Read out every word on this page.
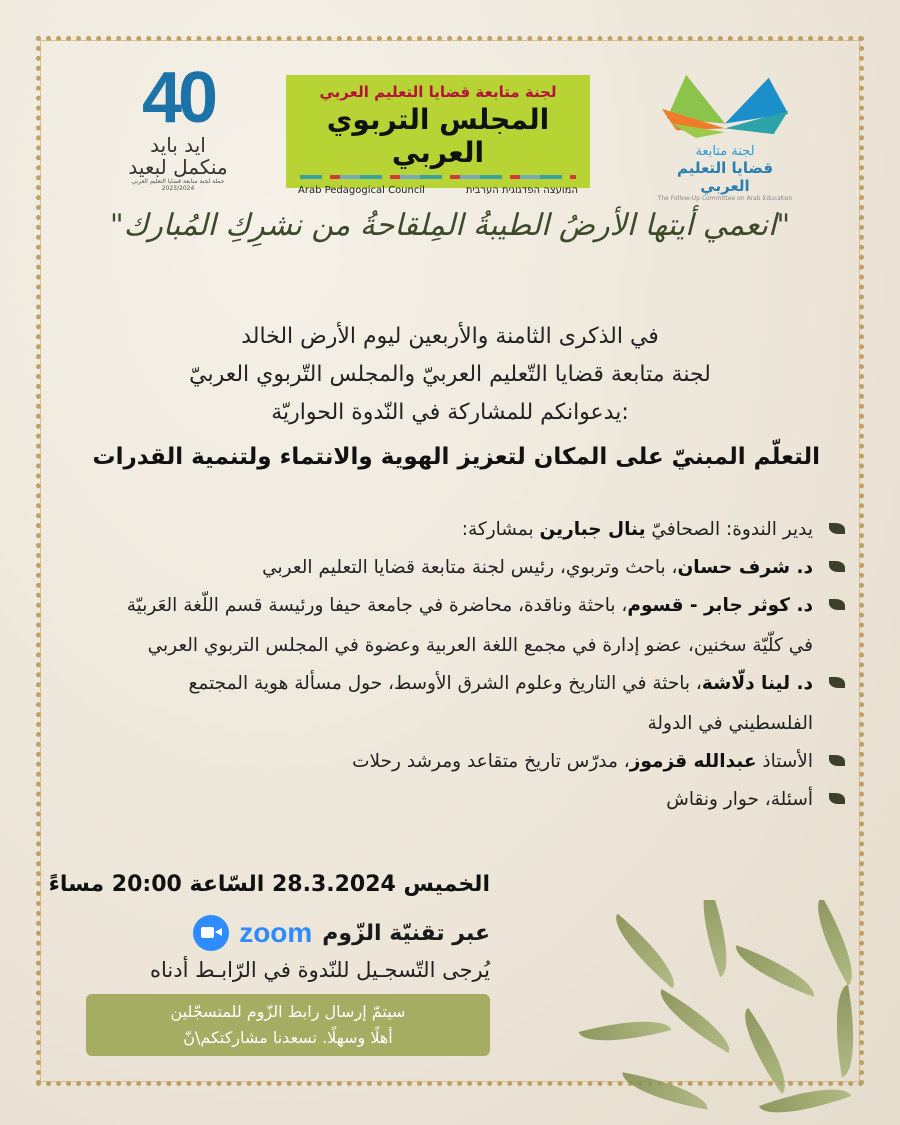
40
ايد بايد
منكمل لبعيد
حملة لجنة متابعة قضايا التعليم العربي 2023/2024
لجنة متابعة قضايا التعليم العربي
المجلس التربوي العربي
Arab Pedagogical Council	המועצה הפדגוגית הערבית
لجنة متابعة
قضايا التعليم العربي
The Follow-Up Committee on Arab Education
"انعمي أيتها الأرضُ الطيبةُ المِلقاحةُ من نشرِكِ المُبارك"
في الذكرى الثامنة والأربعين ليوم الأرض الخالد
لجنة متابعة قضايا التّعليم العربيّ والمجلس التّربوي العربيّ
يدعوانكم للمشاركة في النّدوة الحواريّة:
التعلّم المبنيّ على المكان لتعزيز الهوية والانتماء ولتنمية القدرات
يدير الندوة: الصحافيّ ينال جبارين بمشاركة:
د. شرف حسان، باحث وتربوي، رئيس لجنة متابعة قضايا التعليم العربي
د. كوثر جابر - قسوم، باحثة وناقدة، محاضرة في جامعة حيفا ورئيسة قسم اللّغة العَربيّة في كلّيّة سخنين، عضو إدارة في مجمع اللغة العربية وعضوة في المجلس التربوي العربي
د. لينا دلّاشة، باحثة في التاريخ وعلوم الشرق الأوسط، حول مسألة هوية المجتمع الفلسطيني في الدولة
الأستاذ عبدالله قزموز، مدرّس تاريخ متقاعد ومرشد رحلات
أسئلة، حوار ونقاش
الخميس 28.3.2024 السّاعة 20:00 مساءً
عبر تقنيّة الزّوم
zoom
يُرجى التّسجـيل للنّدوة في الرّابـط أدناه
سيتمّ إرسال رابط الزّوم للمتسجّلين
أهلًا وسهلًا. تسعدنا مشاركتكم\نّ
